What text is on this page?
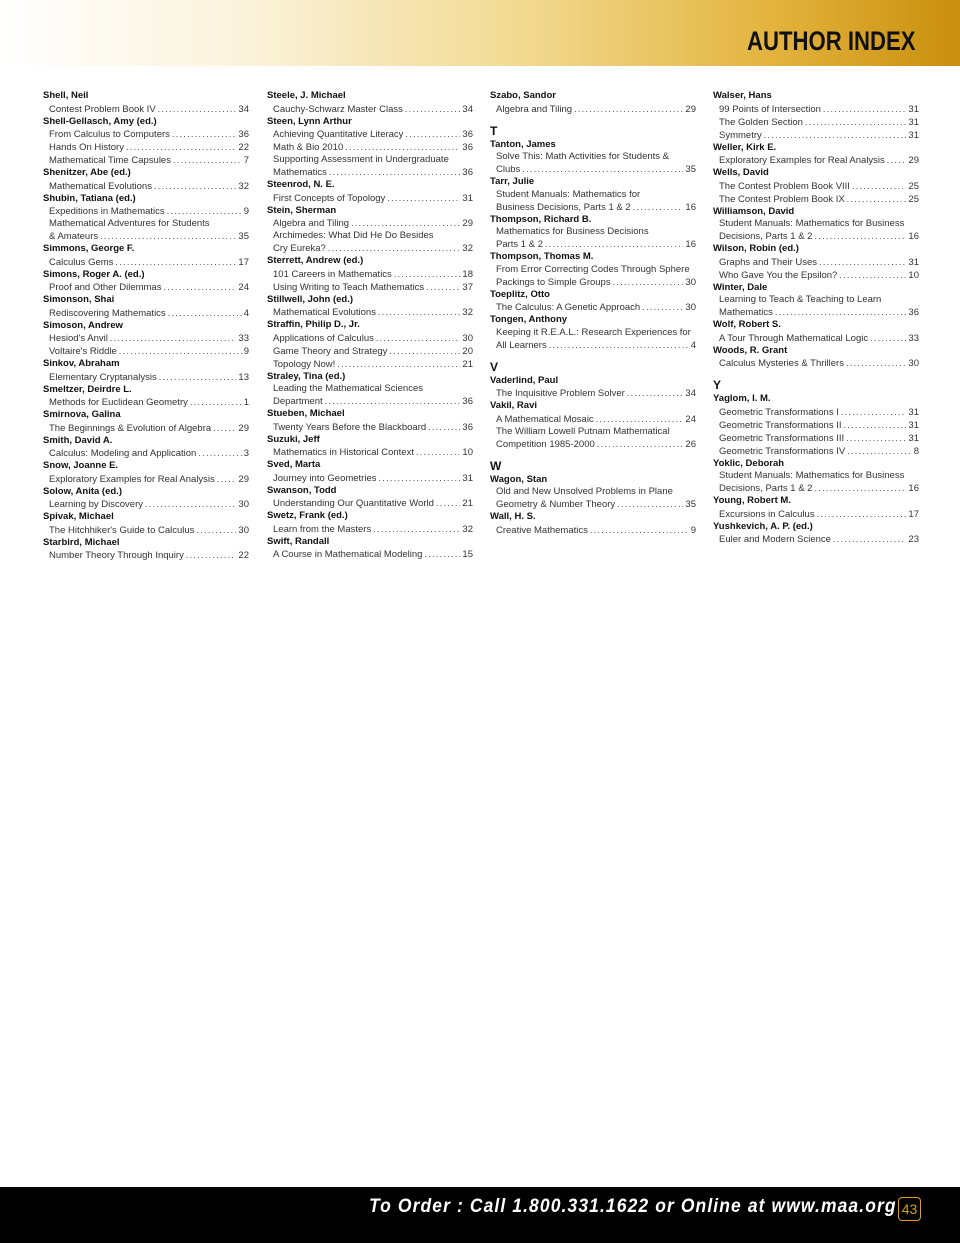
AUTHOR INDEX
Shell, Neil
Contest Problem Book IV .....	34
Shell-Gellasch, Amy (ed.)
From Calculus to Computers .....	36
Hands On History .....	22
Mathematical Time Capsules .....	7
Shenitzer, Abe (ed.)
Mathematical Evolutions .....	32
Shubin, Tatiana (ed.)
Expeditions in Mathematics .....	9
Mathematical Adventures for Students
& Amateurs .....	35
Simmons, George F.
Calculus Gems .....	17
Simons, Roger A. (ed.)
Proof and Other Dilemmas .....	24
Simonson, Shai
Rediscovering Mathematics .....	4
Simoson, Andrew
Hesiod's Anvil .....	33
Voltaire's Riddle .....	9
Sinkov, Abraham
Elementary Cryptanalysis .....	13
Smeltzer, Deirdre L.
Methods for Euclidean Geometry .....	1
Smirnova, Galina
The Beginnings & Evolution of Algebra .....	29
Smith, David A.
Calculus: Modeling and Application .....	3
Snow, Joanne E.
Exploratory Examples for Real Analysis ..... 29
Solow, Anita (ed.)
Learning by Discovery .....	30
Spivak, Michael
The Hitchhiker's Guide to Calculus .....	30
Starbird, Michael
Number Theory Through Inquiry .....	22
Steele, J. Michael
Cauchy-Schwarz Master Class .....	34
Steen, Lynn Arthur
Achieving Quantitative Literacy .....	36
Math & Bio 2010 .....	36
Supporting Assessment in Undergraduate
Mathematics .....	36
Steenrod, N. E.
First Concepts of Topology .....	31
Stein, Sherman
Algebra and Tiling .....	29
Archimedes: What Did He Do Besides
Cry Eureka? .....	32
Sterrett, Andrew (ed.)
101 Careers in Mathematics .....	18
Using Writing to Teach Mathematics .....	37
Stillwell, John (ed.)
Mathematical Evolutions .....	32
Straffin, Philip D., Jr.
Applications of Calculus .....	30
Game Theory and Strategy .....	20
Topology Now! .....	21
Straley, Tina (ed.)
Leading the Mathematical Sciences
Department .....	36
Stueben, Michael
Twenty Years Before the Blackboard .....	36
Suzuki, Jeff
Mathematics in Historical Context .....	10
Sved, Marta
Journey into Geometries .....	31
Swanson, Todd
Understanding Our Quantitative World .....	21
Swetz, Frank (ed.)
Learn from the Masters .....	32
Swift, Randall
A Course in Mathematical Modeling .....	15
Szabo, Sandor
Algebra and Tiling .....	29
T
Tanton, James
Solve This: Math Activities for Students &
Clubs .....	35
Tarr, Julie
Student Manuals: Mathematics for
Business Decisions, Parts 1 & 2 .....	16
Thompson, Richard B.
Mathematics for Business Decisions
Parts 1 & 2 .....	16
Thompson, Thomas M.
From Error Correcting Codes Through Sphere
Packings to Simple Groups .....	30
Toeplitz, Otto
The Calculus: A Genetic Approach .....	30
Tongen, Anthony
Keeping it R.E.A.L.: Research Experiences for
All Learners .....	4
V
Vaderlind, Paul
The Inquisitive Problem Solver .....	34
Vakil, Ravi
A Mathematical Mosaic .....	24
The William Lowell Putnam Mathematical
Competition 1985-2000 .....	26
W
Wagon, Stan
Old and New Unsolved Problems in Plane
Geometry & Number Theory .....	35
Wall, H. S.
Creative Mathematics .....	9
Walser, Hans
99 Points of Intersection .....	31
The Golden Section .....	31
Symmetry .....	31
Weller, Kirk E.
Exploratory Examples for Real Analysis ..... 29
Wells, David
The Contest Problem Book VIII .....	25
The Contest Problem Book IX .....	25
Williamson, David
Student Manuals: Mathematics for Business
Decisions, Parts 1 & 2 .....	16
Wilson, Robin (ed.)
Graphs and Their Uses .....	31
Who Gave You the Epsilon? .....	10
Winter, Dale
Learning to Teach & Teaching to Learn
Mathematics .....	36
Wolf, Robert S.
A Tour Through Mathematical Logic .....	33
Woods, R. Grant
Calculus Mysteries & Thrillers .....	30
Y
Yaglom, I. M.
Geometric Transformations I .....	31
Geometric Transformations II .....	31
Geometric Transformations III .....	31
Geometric Transformations IV .....	8
Yoklic, Deborah
Student Manuals: Mathematics for Business
Decisions, Parts 1 & 2 .....	16
Young, Robert M.
Excursions in Calculus .....	17
Yushkevich, A. P. (ed.)
Euler and Modern Science .....	23
To Order : Call 1.800.331.1622 or Online at www.maa.org 43
